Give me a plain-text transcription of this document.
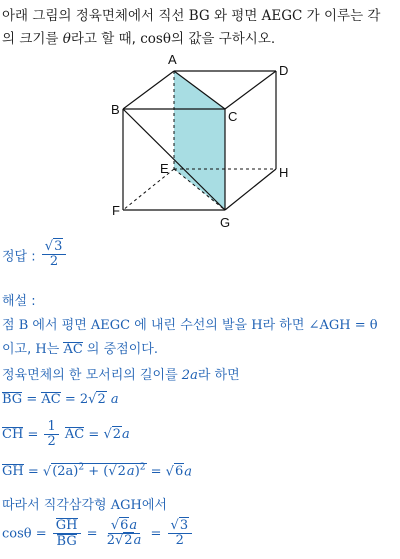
아래 그림의 정육면체에서 직선 BG 와 평면 AEGC 가 이루는 각
의 크기를 θ라고 할 때, cosθ의 값을 구하시오.
A
D
B	C
E	H
F
G
정답 : $\frac{√3}{2}$
해설 :
점 B 에서 평면 AEGC 에 내린 수선의 발을 H라 하면 ∠AGH = θ
이고, H는 AC 의 중점이다.
정육면체의 한 모서리의 길이를 2a라 하면
BG = AC = 2√2 a
CH = $\frac{1}{2}$ AC = √2a
GH = $√(2a)^2 + (√2a)^2 = √6a$
따라서 직각삼각형 AGH에서
$\cos\theta = \frac{GH}{BG} = \frac{√6a}{2√2a} = \frac{√3}{2}$
